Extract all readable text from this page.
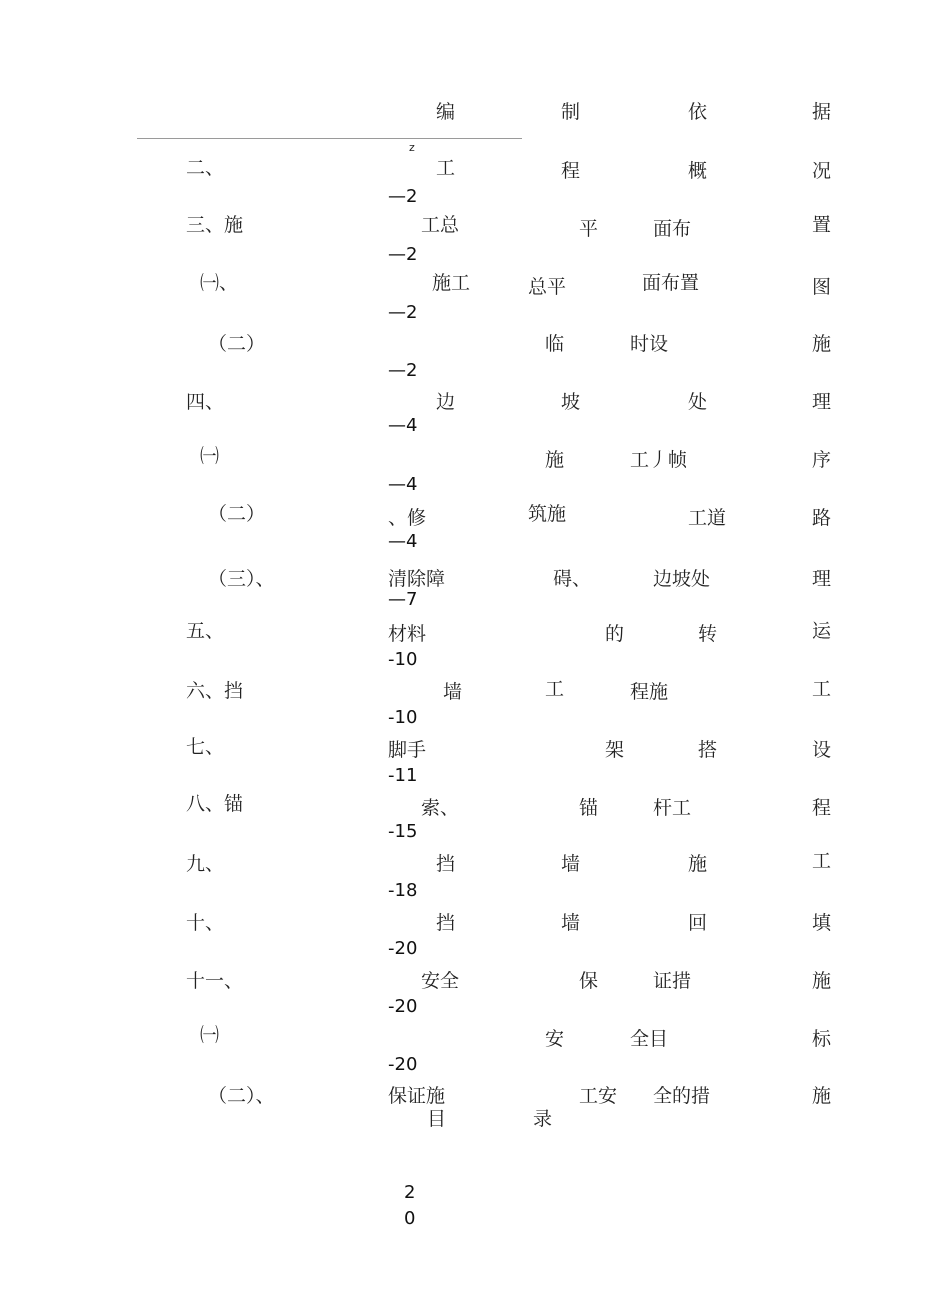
z
编	制	依	据
二、	工	程	概	况
—2
三、施	工总	平	面布	置
—2
㈠、	施工	总平	面布置	图
—2
（二）	临	时设	施
—2
四、	边	坡	处	理
—4
㈠	施	工丿帧	序
—4
（二）	、修	筑施	工道	路
—4
（三）、	清除障	碍、	边坡处	理
—7
五、	材料	的	转	运
-10
六、挡	墙	工	程施	工
-10
七、	脚手	架	搭	设
-11
八、锚	索、	锚	杆工	程
-15
九、	挡	墙	施	工
-18
十、	挡	墙	回	填
-20
十一、	安全	保	证措	施
-20
㈠	安	全目	标
-20
（二）、	保证施	工安 全的措	施
目	录
2
0
